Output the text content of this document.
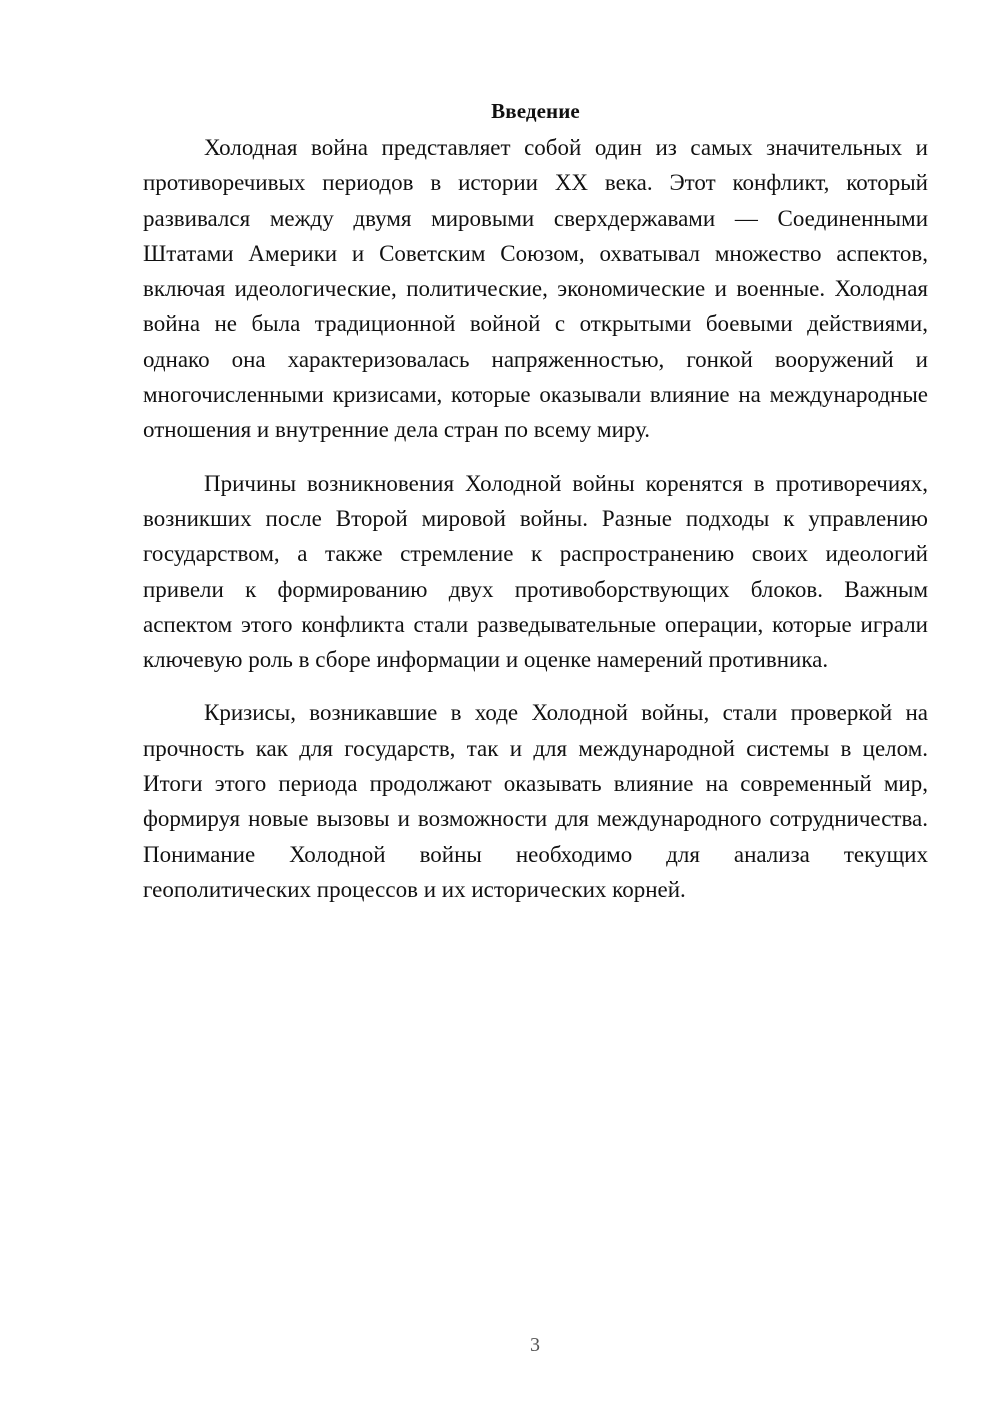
Введение

Холодная война представляет собой один из самых значительных и противоречивых периодов в истории XX века. Этот конфликт, который развивался между двумя мировыми сверхдержавами — Соединенными Штатами Америки и Советским Союзом, охватывал множество аспектов, включая идеологические, политические, экономические и военные. Холодная война не была традиционной войной с открытыми боевыми действиями, однако она характеризовалась напряженностью, гонкой вооружений и многочисленными кризисами, которые оказывали влияние на международные отношения и внутренние дела стран по всему миру.

Причины возникновения Холодной войны коренятся в противоречиях, возникших после Второй мировой войны. Разные подходы к управлению государством, а также стремление к распространению своих идеологий привели к формированию двух противоборствующих блоков. Важным аспектом этого конфликта стали разведывательные операции, которые играли ключевую роль в сборе информации и оценке намерений противника.

Кризисы, возникавшие в ходе Холодной войны, стали проверкой на прочность как для государств, так и для международной системы в целом. Итоги этого периода продолжают оказывать влияние на современный мир, формируя новые вызовы и возможности для международного сотрудничества. Понимание Холодной войны необходимо для анализа текущих геополитических процессов и их исторических корней.

3
